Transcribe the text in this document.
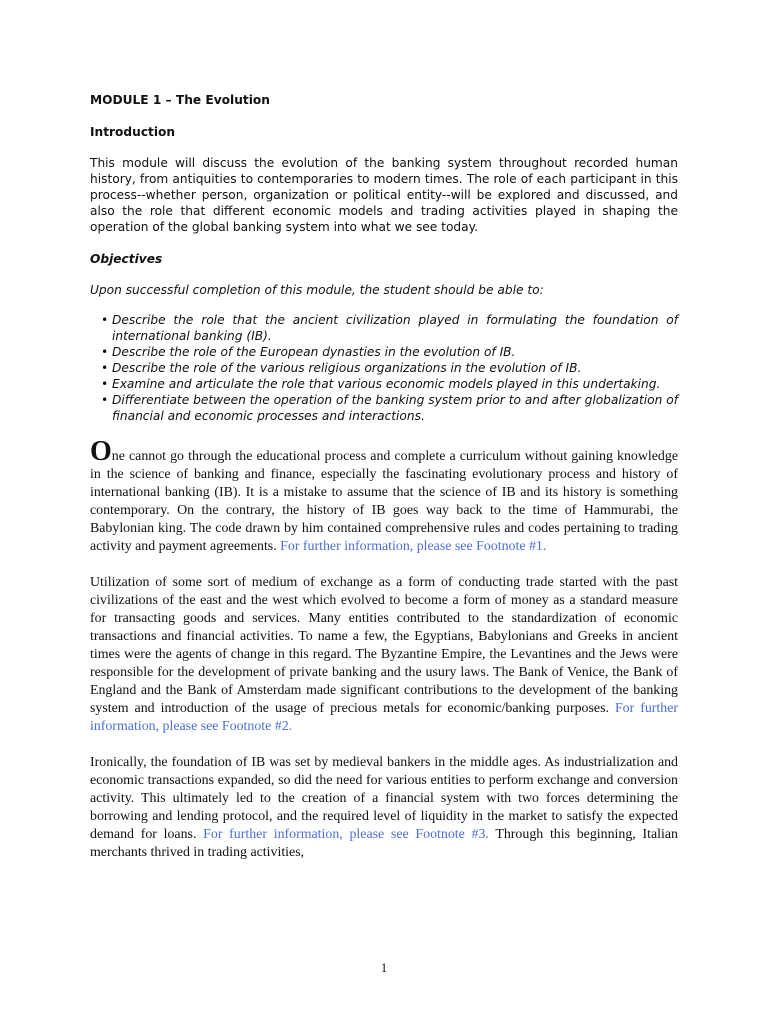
MODULE 1 – The Evolution
Introduction

This module will discuss the evolution of the banking system throughout recorded human history, from antiquities to contemporaries to modern times. The role of each participant in this process--whether person, organization or political entity--will be explored and discussed, and also the role that different economic models and trading activities played in shaping the operation of the global banking system into what we see today.

Objectives

Upon successful completion of this module, the student should be able to:

• Describe the role that the ancient civilization played in formulating the foundation of international banking (IB).
• Describe the role of the European dynasties in the evolution of IB.
• Describe the role of the various religious organizations in the evolution of IB.
• Examine and articulate the role that various economic models played in this undertaking.
• Differentiate between the operation of the banking system prior to and after globalization of financial and economic processes and interactions.

One cannot go through the educational process and complete a curriculum without gaining knowledge in the science of banking and finance, especially the fascinating evolutionary process and history of international banking (IB). It is a mistake to assume that the science of IB and its history is something contemporary. On the contrary, the history of IB goes way back to the time of Hammurabi, the Babylonian king. The code drawn by him contained comprehensive rules and codes pertaining to trading activity and payment agreements. For further information, please see Footnote #1.

Utilization of some sort of medium of exchange as a form of conducting trade started with the past civilizations of the east and the west which evolved to become a form of money as a standard measure for transacting goods and services. Many entities contributed to the standardization of economic transactions and financial activities. To name a few, the Egyptians, Babylonians and Greeks in ancient times were the agents of change in this regard. The Byzantine Empire, the Levantines and the Jews were responsible for the development of private banking and the usury laws. The Bank of Venice, the Bank of England and the Bank of Amsterdam made significant contributions to the development of the banking system and introduction of the usage of precious metals for economic/banking purposes. For further information, please see Footnote #2.

Ironically, the foundation of IB was set by medieval bankers in the middle ages. As industrialization and economic transactions expanded, so did the need for various entities to perform exchange and conversion activity. This ultimately led to the creation of a financial system with two forces determining the borrowing and lending protocol, and the required level of liquidity in the market to satisfy the expected demand for loans. For further information, please see Footnote #3. Through this beginning, Italian merchants thrived in trading activities,

1
